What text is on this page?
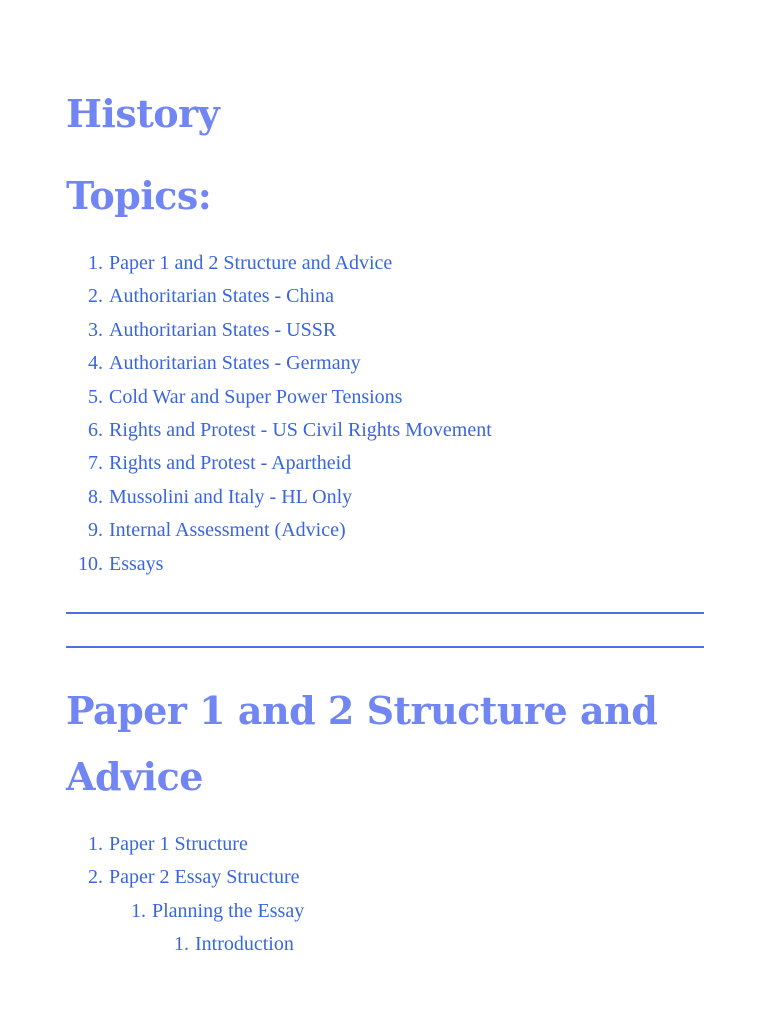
History
Topics:
1. Paper 1 and 2 Structure and Advice
2. Authoritarian States - China
3. Authoritarian States - USSR
4. Authoritarian States - Germany
5. Cold War and Super Power Tensions
6. Rights and Protest - US Civil Rights Movement
7. Rights and Protest - Apartheid
8. Mussolini and Italy - HL Only
9. Internal Assessment (Advice)
10. Essays
Paper 1 and 2 Structure and Advice
1. Paper 1 Structure
2. Paper 2 Essay Structure
1. Planning the Essay
1. Introduction
